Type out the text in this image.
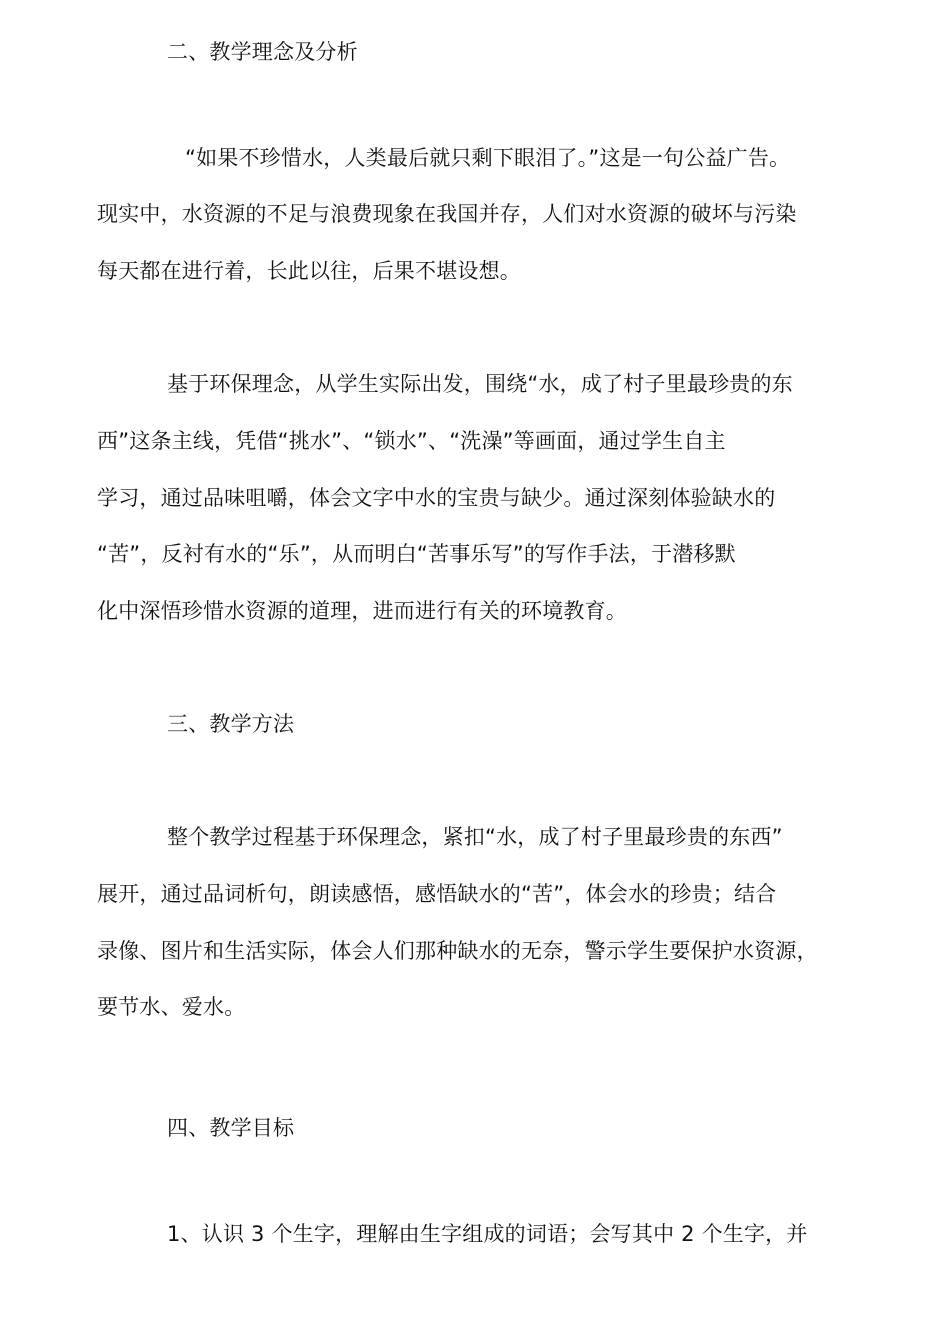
二、教学理念及分析
“如果不珍惜水，人类最后就只剩下眼泪了。”这是一句公益广告。
现实中，水资源的不足与浪费现象在我国并存，人们对水资源的破坏与污染
每天都在进行着，长此以往，后果不堪设想。
基于环保理念，从学生实际出发，围绕“水，成了村子里最珍贵的东
西”这条主线，凭借“挑水”、“锁水”、“洗澡”等画面，通过学生自主
学习，通过品味咀嚼，体会文字中水的宝贵与缺少。通过深刻体验缺水的
“苦”，反衬有水的“乐”，从而明白“苦事乐写”的写作手法，于潜移默
化中深悟珍惜水资源的道理，进而进行有关的环境教育。
三、教学方法
整个教学过程基于环保理念，紧扣“水，成了村子里最珍贵的东西”
展开，通过品词析句，朗读感悟，感悟缺水的“苦”，体会水的珍贵；结合
录像、图片和生活实际，体会人们那种缺水的无奈，警示学生要保护水资源，
要节水、爱水。
四、教学目标
1、认识 3 个生字，理解由生字组成的词语；会写其中 2 个生字，并
